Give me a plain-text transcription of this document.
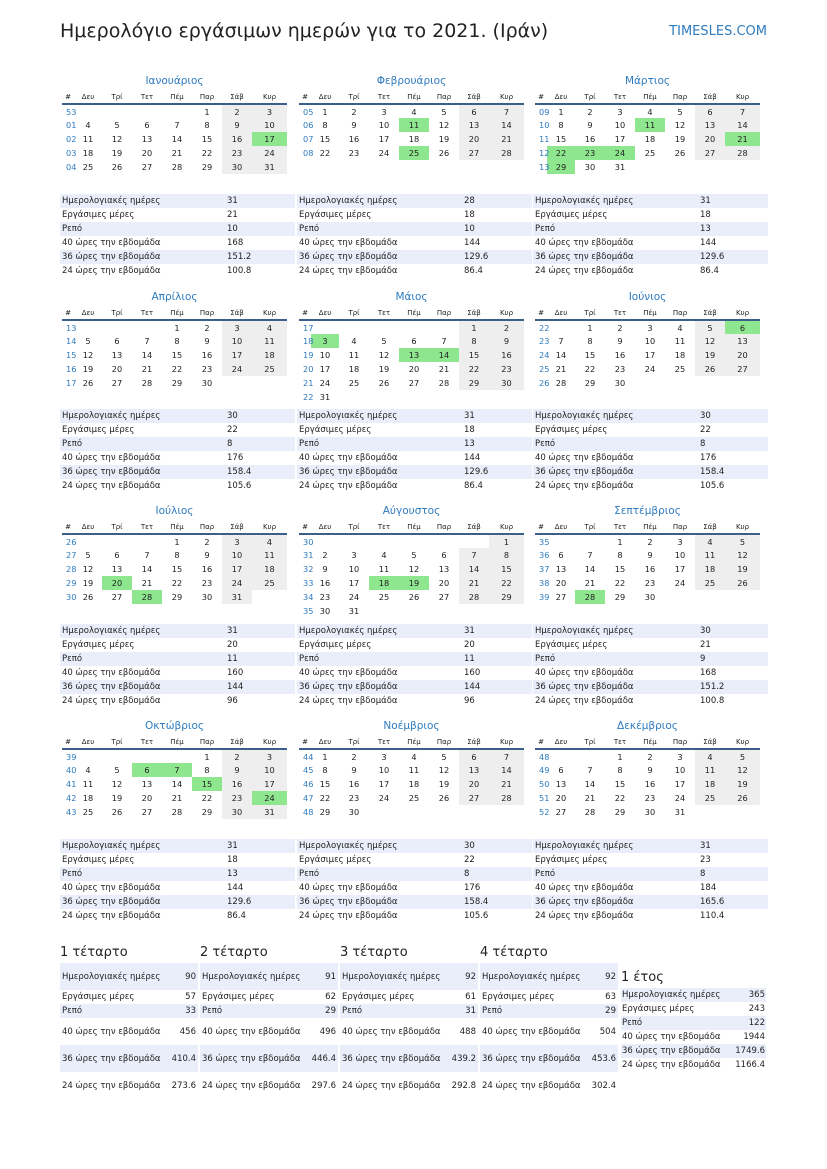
Ημερολόγιο εργάσιμων ημερών για το 2021. (Ιράν)	TIMESLES.COM
Ιανουάριος
#	Δευ	Τρί	Τετ	Πέμ	Παρ	Σάβ	Κυρ
53					1	2	3
01	4	5	6	7	8	9	10
02	11	12	13	14	15	16	17
03	18	19	20	21	22	23	24
04	25	26	27	28	29	30	31
Ημερολογιακές ημέρες	31
Εργάσιμες μέρες	21
Ρεπό	10
40 ώρες την εβδομάδα	168
36 ώρες την εβδομάδα	151.2
24 ώρες την εβδομάδα	100.8
Φεβρουάριος
#	Δευ	Τρί	Τετ	Πέμ	Παρ	Σάβ	Κυρ
05	1	2	3	4	5	6	7
06	8	9	10	11	12	13	14
07	15	16	17	18	19	20	21
08	22	23	24	25	26	27	28
Ημερολογιακές ημέρες	28
Εργάσιμες μέρες	18
Ρεπό	10
40 ώρες την εβδομάδα	144
36 ώρες την εβδομάδα	129.6
24 ώρες την εβδομάδα	86.4
Μάρτιος
#	Δευ	Τρί	Τετ	Πέμ	Παρ	Σάβ	Κυρ
09	1	2	3	4	5	6	7
10	8	9	10	11	12	13	14
11	15	16	17	18	19	20	21
12	22	23	24	25	26	27	28
13	29	30	31				
Ημερολογιακές ημέρες	31
Εργάσιμες μέρες	18
Ρεπό	13
40 ώρες την εβδομάδα	144
36 ώρες την εβδομάδα	129.6
24 ώρες την εβδομάδα	86.4
Απρίλιος
#	Δευ	Τρί	Τετ	Πέμ	Παρ	Σάβ	Κυρ
13				1	2	3	4
14	5	6	7	8	9	10	11
15	12	13	14	15	16	17	18
16	19	20	21	22	23	24	25
17	26	27	28	29	30		
Ημερολογιακές ημέρες	30
Εργάσιμες μέρες	22
Ρεπό	8
40 ώρες την εβδομάδα	176
36 ώρες την εβδομάδα	158.4
24 ώρες την εβδομάδα	105.6
Μάιος
#	Δευ	Τρί	Τετ	Πέμ	Παρ	Σάβ	Κυρ
17						1	2
18	3	4	5	6	7	8	9
19	10	11	12	13	14	15	16
20	17	18	19	20	21	22	23
21	24	25	26	27	28	29	30
22	31						
Ημερολογιακές ημέρες	31
Εργάσιμες μέρες	18
Ρεπό	13
40 ώρες την εβδομάδα	144
36 ώρες την εβδομάδα	129.6
24 ώρες την εβδομάδα	86.4
Ιούνιος
#	Δευ	Τρί	Τετ	Πέμ	Παρ	Σάβ	Κυρ
22		1	2	3	4	5	6
23	7	8	9	10	11	12	13
24	14	15	16	17	18	19	20
25	21	22	23	24	25	26	27
26	28	29	30				
Ημερολογιακές ημέρες	30
Εργάσιμες μέρες	22
Ρεπό	8
40 ώρες την εβδομάδα	176
36 ώρες την εβδομάδα	158.4
24 ώρες την εβδομάδα	105.6
Ιούλιος
#	Δευ	Τρί	Τετ	Πέμ	Παρ	Σάβ	Κυρ
26				1	2	3	4
27	5	6	7	8	9	10	11
28	12	13	14	15	16	17	18
29	19	20	21	22	23	24	25
30	26	27	28	29	30	31	
Ημερολογιακές ημέρες	31
Εργάσιμες μέρες	20
Ρεπό	11
40 ώρες την εβδομάδα	160
36 ώρες την εβδομάδα	144
24 ώρες την εβδομάδα	96
Αύγουστος
#	Δευ	Τρί	Τετ	Πέμ	Παρ	Σάβ	Κυρ
30							1
31	2	3	4	5	6	7	8
32	9	10	11	12	13	14	15
33	16	17	18	19	20	21	22
34	23	24	25	26	27	28	29
35	30	31					
Ημερολογιακές ημέρες	31
Εργάσιμες μέρες	20
Ρεπό	11
40 ώρες την εβδομάδα	160
36 ώρες την εβδομάδα	144
24 ώρες την εβδομάδα	96
Σεπτέμβριος
#	Δευ	Τρί	Τετ	Πέμ	Παρ	Σάβ	Κυρ
35			1	2	3	4	5
36	6	7	8	9	10	11	12
37	13	14	15	16	17	18	19
38	20	21	22	23	24	25	26
39	27	28	29	30			
Ημερολογιακές ημέρες	30
Εργάσιμες μέρες	21
Ρεπό	9
40 ώρες την εβδομάδα	168
36 ώρες την εβδομάδα	151.2
24 ώρες την εβδομάδα	100.8
Οκτώβριος
#	Δευ	Τρί	Τετ	Πέμ	Παρ	Σάβ	Κυρ
39					1	2	3
40	4	5	6	7	8	9	10
41	11	12	13	14	15	16	17
42	18	19	20	21	22	23	24
43	25	26	27	28	29	30	31
Ημερολογιακές ημέρες	31
Εργάσιμες μέρες	18
Ρεπό	13
40 ώρες την εβδομάδα	144
36 ώρες την εβδομάδα	129.6
24 ώρες την εβδομάδα	86.4
Νοέμβριος
#	Δευ	Τρί	Τετ	Πέμ	Παρ	Σάβ	Κυρ
44	1	2	3	4	5	6	7
45	8	9	10	11	12	13	14
46	15	16	17	18	19	20	21
47	22	23	24	25	26	27	28
48	29	30					
Ημερολογιακές ημέρες	30
Εργάσιμες μέρες	22
Ρεπό	8
40 ώρες την εβδομάδα	176
36 ώρες την εβδομάδα	158.4
24 ώρες την εβδομάδα	105.6
Δεκέμβριος
#	Δευ	Τρί	Τετ	Πέμ	Παρ	Σάβ	Κυρ
48			1	2	3	4	5
49	6	7	8	9	10	11	12
50	13	14	15	16	17	18	19
51	20	21	22	23	24	25	26
52	27	28	29	30	31		
Ημερολογιακές ημέρες	31
Εργάσιμες μέρες	23
Ρεπό	8
40 ώρες την εβδομάδα	184
36 ώρες την εβδομάδα	165.6
24 ώρες την εβδομάδα	110.4
1 τέταρτο
Ημερολογιακές ημέρες	90
Εργάσιμες μέρες	57
Ρεπό	33
40 ώρες την εβδομάδα	456
36 ώρες την εβδομάδα	410.4
24 ώρες την εβδομάδα	273.6
2 τέταρτο
Ημερολογιακές ημέρες	91
Εργάσιμες μέρες	62
Ρεπό	29
40 ώρες την εβδομάδα	496
36 ώρες την εβδομάδα	446.4
24 ώρες την εβδομάδα	297.6
3 τέταρτο
Ημερολογιακές ημέρες	92
Εργάσιμες μέρες	61
Ρεπό	31
40 ώρες την εβδομάδα	488
36 ώρες την εβδομάδα	439.2
24 ώρες την εβδομάδα	292.8
4 τέταρτο
Ημερολογιακές ημέρες	92
Εργάσιμες μέρες	63
Ρεπό	29
40 ώρες την εβδομάδα	504
36 ώρες την εβδομάδα	453.6
24 ώρες την εβδομάδα	302.4
1 έτος
Ημερολογιακές ημέρες	365
Εργάσιμες μέρες	243
Ρεπό	122
40 ώρες την εβδομάδα	1944
36 ώρες την εβδομάδα	1749.6
24 ώρες την εβδομάδα	1166.4
